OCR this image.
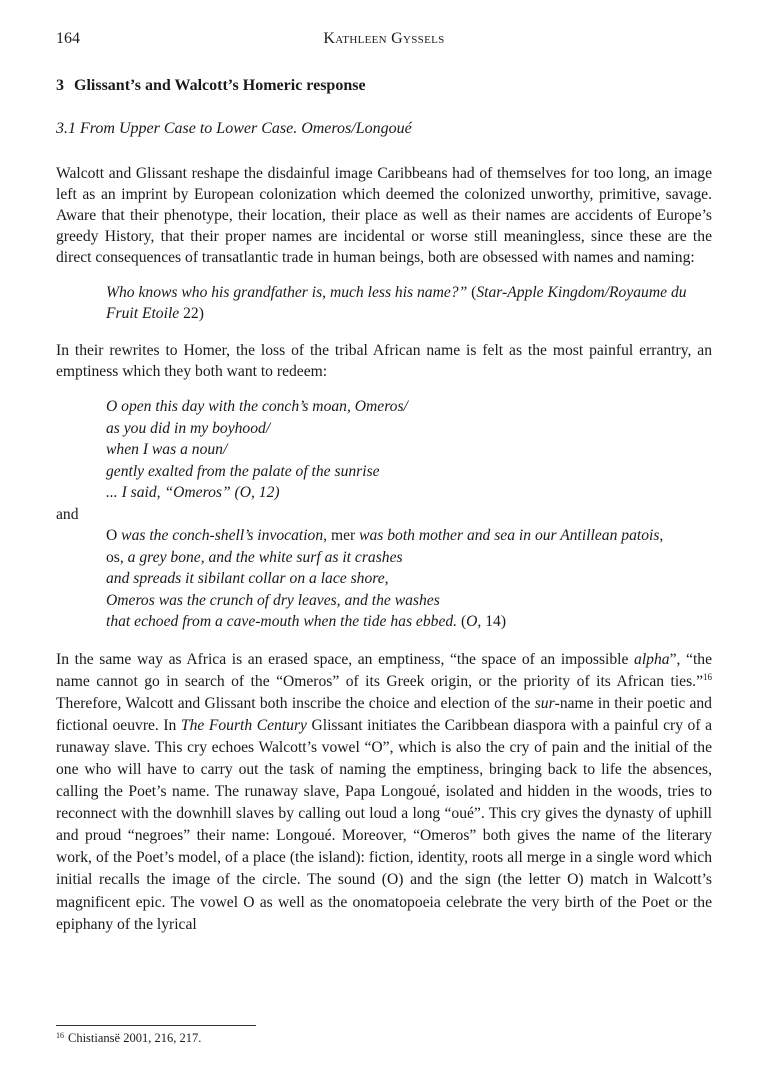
164	Kathleen Gyssels
3 Glissant’s and Walcott’s Homeric response
3.1 From Upper Case to Lower Case. Omeros/Longoué

Walcott and Glissant reshape the disdainful image Caribbeans had of themselves for too long, an image left as an imprint by European colonization which deemed the colonized unworthy, primitive, savage. Aware that their phenotype, their location, their place as well as their names are accidents of Europe’s greedy History, that their proper names are incidental or worse still meaningless, since these are the direct consequences of transatlantic trade in human beings, both are obsessed with names and naming:

Who knows who his grandfather is, much less his name?” (Star-Apple Kingdom/Royaume du Fruit Etoile 22)

In their rewrites to Homer, the loss of the tribal African name is felt as the most painful errantry, an emptiness which they both want to redeem:

O open this day with the conch’s moan, Omeros/
as you did in my boyhood/
when I was a noun/
gently exalted from the palate of the sunrise
... I said, “Omeros” (O, 12)
and
O was the conch-shell’s invocation, mer was both mother and sea in our Antillean patois,
os, a grey bone, and the white surf as it crashes
and spreads it sibilant collar on a lace shore,
Omeros was the crunch of dry leaves, and the washes
that echoed from a cave-mouth when the tide has ebbed. (O, 14)

In the same way as Africa is an erased space, an emptiness, “the space of an impossible alpha”, “the name cannot go in search of the “Omeros” of its Greek origin, or the priority of its African ties.”$^{16}$ Therefore, Walcott and Glissant both inscribe the choice and election of the sur-name in their poetic and fictional oeuvre. In The Fourth Century Glissant initiates the Caribbean diaspora with a painful cry of a runaway slave. This cry echoes Walcott’s vowel “O”, which is also the cry of pain and the initial of the one who will have to carry out the task of naming the emptiness, bringing back to life the absences, calling the Poet’s name. The runaway slave, Papa Longoué, isolated and hidden in the woods, tries to reconnect with the downhill slaves by calling out loud a long “oué”. This cry gives the dynasty of uphill and proud “negroes” their name: Longoué. Moreover, “Omeros” both gives the name of the literary work, of the Poet’s model, of a place (the island): fiction, identity, roots all merge in a single word which initial recalls the image of the circle. The sound (O) and the sign (the letter O) match in Walcott’s magnificent epic. The vowel O as well as the onomatopoeia celebrate the very birth of the Poet or the epiphany of the lyrical

$^{16}$ Chistiansë 2001, 216, 217.
